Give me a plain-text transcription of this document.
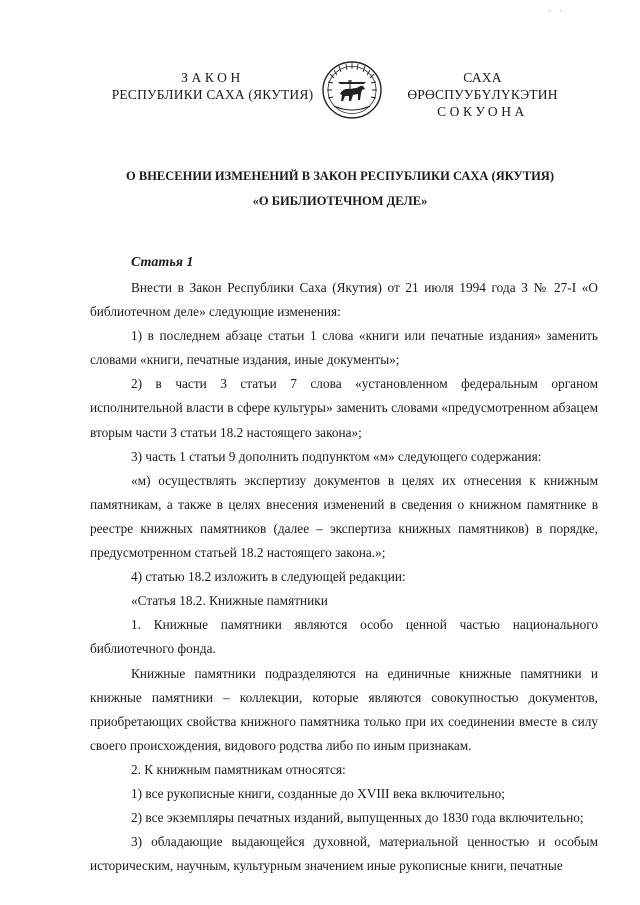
· ·
ЗАКОН
РЕСПУБЛИКИ САХА (ЯКУТИЯ)
САХА ӨРӨСПУУБҮЛҮКЭТИН
СОКУОНА
О ВНЕСЕНИИ ИЗМЕНЕНИЙ В ЗАКОН РЕСПУБЛИКИ САХА (ЯКУТИЯ)
«О БИБЛИОТЕЧНОМ ДЕЛЕ»
Статья 1

Внести в Закон Республики Саха (Якутия) от 21 июля 1994 года З № 27-I «О библиотечном деле» следующие изменения:

1) в последнем абзаце статьи 1 слова «книги или печатные издания» заменить словами «книги, печатные издания, иные документы»;

2) в части 3 статьи 7 слова «установленном федеральным органом исполнительной власти в сфере культуры» заменить словами «предусмотренном абзацем вторым части 3 статьи 18.2 настоящего закона»;

3) часть 1 статьи 9 дополнить подпунктом «м» следующего содержания:

«м) осуществлять экспертизу документов в целях их отнесения к книжным памятникам, а также в целях внесения изменений в сведения о книжном памятнике в реестре книжных памятников (далее – экспертиза книжных памятников) в порядке, предусмотренном статьей 18.2 настоящего закона.»;

4) статью 18.2 изложить в следующей редакции:

«Статья 18.2. Книжные памятники

1. Книжные памятники являются особо ценной частью национального библиотечного фонда.

Книжные памятники подразделяются на единичные книжные памятники и книжные памятники – коллекции, которые являются совокупностью документов, приобретающих свойства книжного памятника только при их соединении вместе в силу своего происхождения, видового родства либо по иным признакам.

2. К книжным памятникам относятся:

1) все рукописные книги, созданные до XVIII века включительно;

2) все экземпляры печатных изданий, выпущенных до 1830 года включительно;

3) обладающие выдающейся духовной, материальной ценностью и особым историческим, научным, культурным значением иные рукописные книги, печатные
